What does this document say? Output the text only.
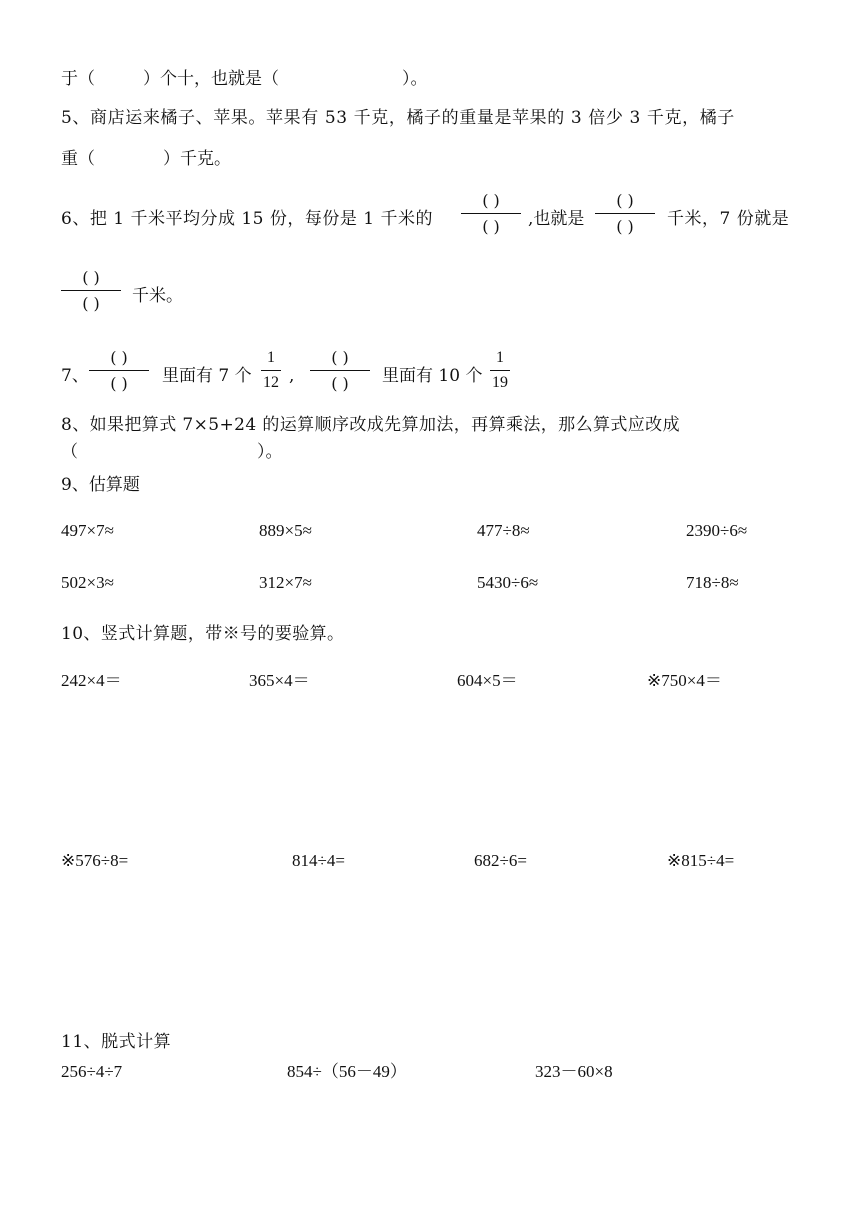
于（	）个十，也就是（	）。
5、商店运来橘子、苹果。苹果有 53 千克，橘子的重量是苹果的 3 倍少 3 千克，橘子
重（	）千克。
6、把 1 千米平均分成 15 份，每份是 1 千米的
( )
( )	,也就是
( )
( )	千米，7 份就是
( )
( )	千米。
7、
( )
( )	里面有 7 个
1
12 ,
( )
( )	里面有 10 个
1
19
8、如果把算式 7×5+24 的运算顺序改成先算加法，再算乘法，那么算式应改成
（	）。
9、估算题
497×7≈	889×5≈	477÷8≈	2390÷6≈
502×3≈	312×7≈	5430÷6≈	718÷8≈
10、竖式计算题，带※号的要验算。
242×4＝	365×4＝	604×5＝	※750×4＝
※576÷8=	814÷4=	682÷6=	※815÷4=
11、脱式计算
256÷4÷7	854÷（56－49）	323－60×8
